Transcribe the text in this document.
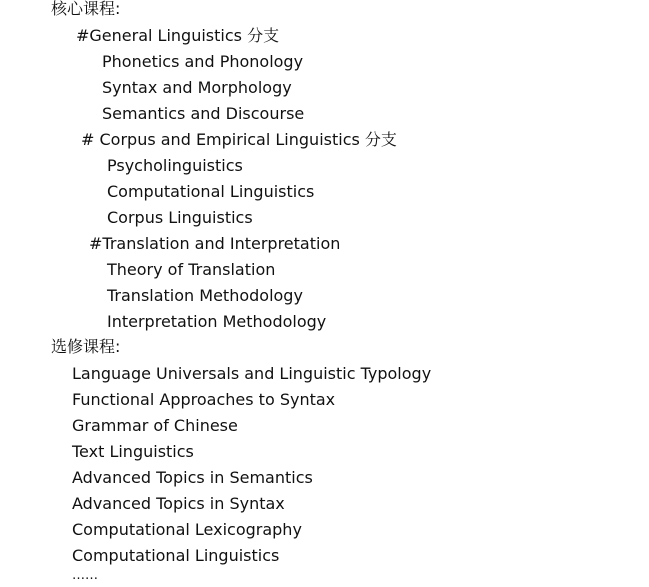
核心课程:
#General Linguistics 分支
Phonetics and Phonology
Syntax and Morphology
Semantics and Discourse
# Corpus and Empirical Linguistics 分支
Psycholinguistics
Computational Linguistics
Corpus Linguistics
#Translation and Interpretation
Theory of Translation
Translation Methodology
Interpretation Methodology
选修课程:
Language Universals and Linguistic Typology
Functional Approaches to Syntax
Grammar of Chinese
Text Linguistics
Advanced Topics in Semantics
Advanced Topics in Syntax
Computational Lexicography
Computational Linguistics
……
